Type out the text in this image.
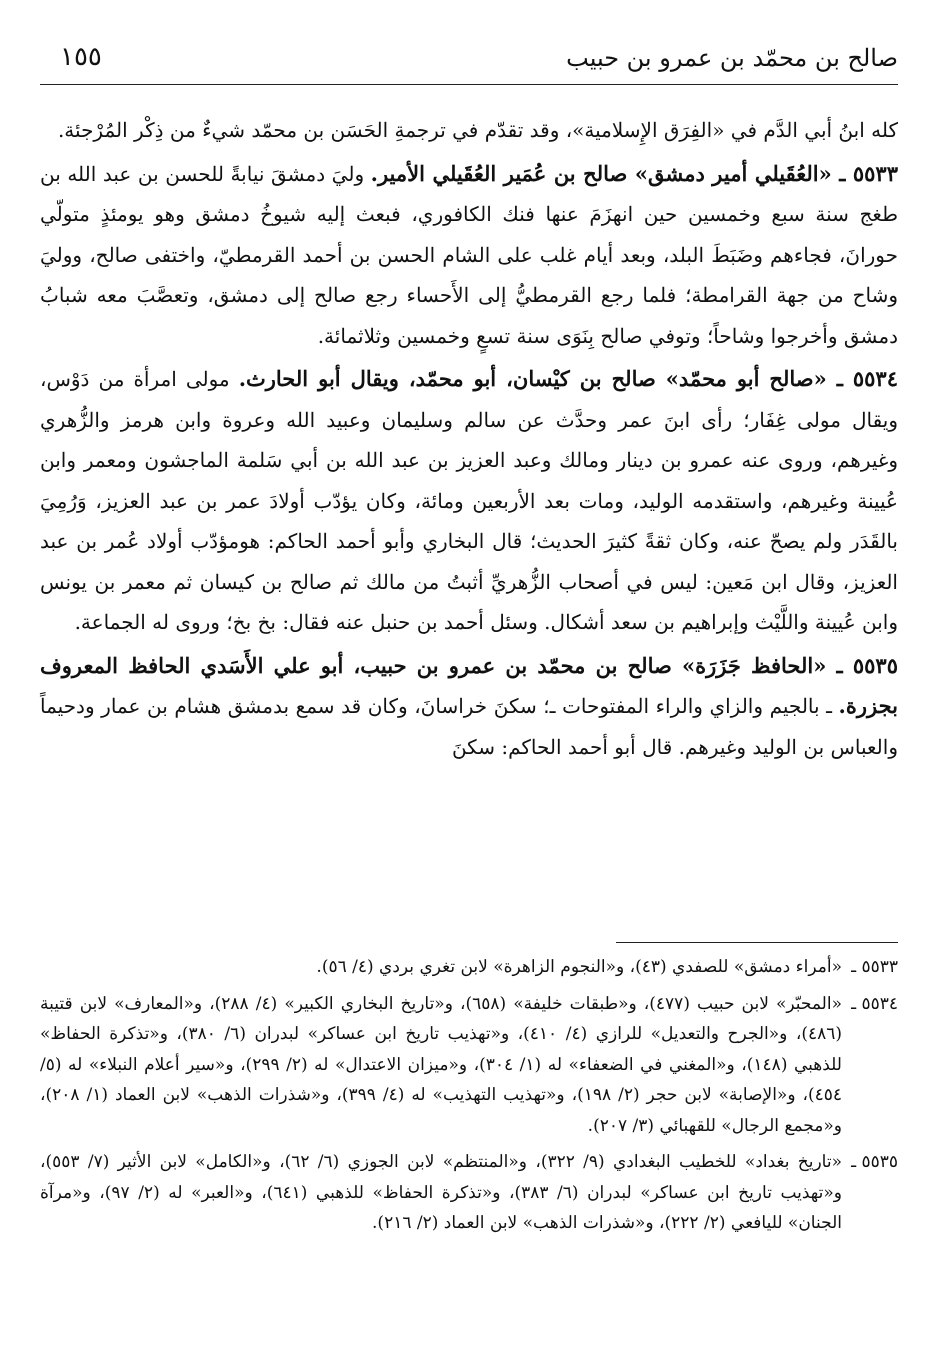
صالح بن محمّد بن عمرو بن حبيب
١٥٥

كله ابنُ أبي الدَّم في «الفِرَق الإِسلامية»، وقد تقدّم في ترجمةِ الحَسَن بن محمّد شيءٌ من ذِكْر المُرْجئة.

٥٥٣٣ ـ «العُقَيلي أمير دمشق» صالح بن عُمَير العُقَيلي الأمير. وليَ دمشقَ نيابةً للحسن بن عبد الله بن طغج سنة سبع وخمسين حين انهزَمَ عنها فنك الكافوري، فبعث إليه شيوخُ دمشق وهو يومئذٍ متولّي حورانَ، فجاءهم وضَبَطَ البلد، وبعد أيام غلب على الشام الحسن بن أحمد القرمطيّ، واختفى صالح، ووليَ وشاح من جهة القرامطة؛ فلما رجع القرمطيُّ إلى الأَحساء رجع صالح إلى دمشق، وتعصَّبَ معه شبابُ دمشق وأخرجوا وشاحاً؛ وتوفي صالح بِنَوَى سنة تسعٍ وخمسين وثلاثمائة.

٥٥٣٤ ـ «صالح أبو محمّد» صالح بن كيْسان، أبو محمّد، ويقال أبو الحارث. مولى امرأة من دَوْس، ويقال مولى غِفَار؛ رأى ابنَ عمر وحدَّث عن سالم وسليمان وعبيد الله وعروة وابن هرمز والزُّهري وغيرهم، وروى عنه عمرو بن دينار ومالك وعبد العزيز بن عبد الله بن أبي سَلمة الماجشون ومعمر وابن عُيينة وغيرهم، واستقدمه الوليد، ومات بعد الأربعين ومائة، وكان يؤدّب أولادَ عمر بن عبد العزيز، وَرُمِيَ بالقَدَر ولم يصحّ عنه، وكان ثقةً كثيرَ الحديث؛ قال البخاري وأبو أحمد الحاكم: هومؤدّب أولاد عُمر بن عبد العزيز، وقال ابن مَعين: ليس في أصحاب الزُّهريِّ أثبتُ من مالك ثم صالح بن كيسان ثم معمر بن يونس وابن عُيينة واللَّيْث وإبراهيم بن سعد أشكال. وسئل أحمد بن حنبل عنه فقال: بخ بخ؛ وروى له الجماعة.

٥٥٣٥ ـ «الحافظ جَزَرَة» صالح بن محمّد بن عمرو بن حبيب، أبو علي الأَسَدي الحافظ المعروف بجزرة. ـ بالجيم والزاي والراء المفتوحات ـ؛ سكنَ خراسانَ، وكان قد سمع بدمشق هشام بن عمار ودحيماً والعباس بن الوليد وغيرهم. قال أبو أحمد الحاكم: سكنَ

٥٥٣٣ ـ
«أمراء دمشق» للصفدي (٤٣)، و«النجوم الزاهرة» لابن تغري بردي (٤/ ٥٦).
٥٥٣٤ ـ
«المحبّر» لابن حبيب (٤٧٧)، و«طبقات خليفة» (٦٥٨)، و«تاريخ البخاري الكبير» (٤/ ٢٨٨)، و«المعارف» لابن قتيبة (٤٨٦)، و«الجرح والتعديل» للرازي (٤/ ٤١٠)، و«تهذيب تاريخ ابن عساكر» لبدران (٦/ ٣٨٠)، و«تذكرة الحفاظ» للذهبي (١٤٨)، و«المغني في الضعفاء» له (١/ ٣٠٤)، و«ميزان الاعتدال» له (٢/ ٢٩٩)، و«سير أعلام النبلاء» له (٥/ ٤٥٤)، و«الإصابة» لابن حجر (٢/ ١٩٨)، و«تهذيب التهذيب» له (٤/ ٣٩٩)، و«شذرات الذهب» لابن العماد (١/ ٢٠٨)، و«مجمع الرجال» للقهبائي (٣/ ٢٠٧).
٥٥٣٥ ـ
«تاريخ بغداد» للخطيب البغدادي (٩/ ٣٢٢)، و«المنتظم» لابن الجوزي (٦/ ٦٢)، و«الكامل» لابن الأثير (٧/ ٥٥٣)، و«تهذيب تاريخ ابن عساكر» لبدران (٦/ ٣٨٣)، و«تذكرة الحفاظ» للذهبي (٦٤١)، و«العبر» له (٢/ ٩٧)، و«مرآة الجنان» لليافعي (٢/ ٢٢٢)، و«شذرات الذهب» لابن العماد (٢/ ٢١٦).
